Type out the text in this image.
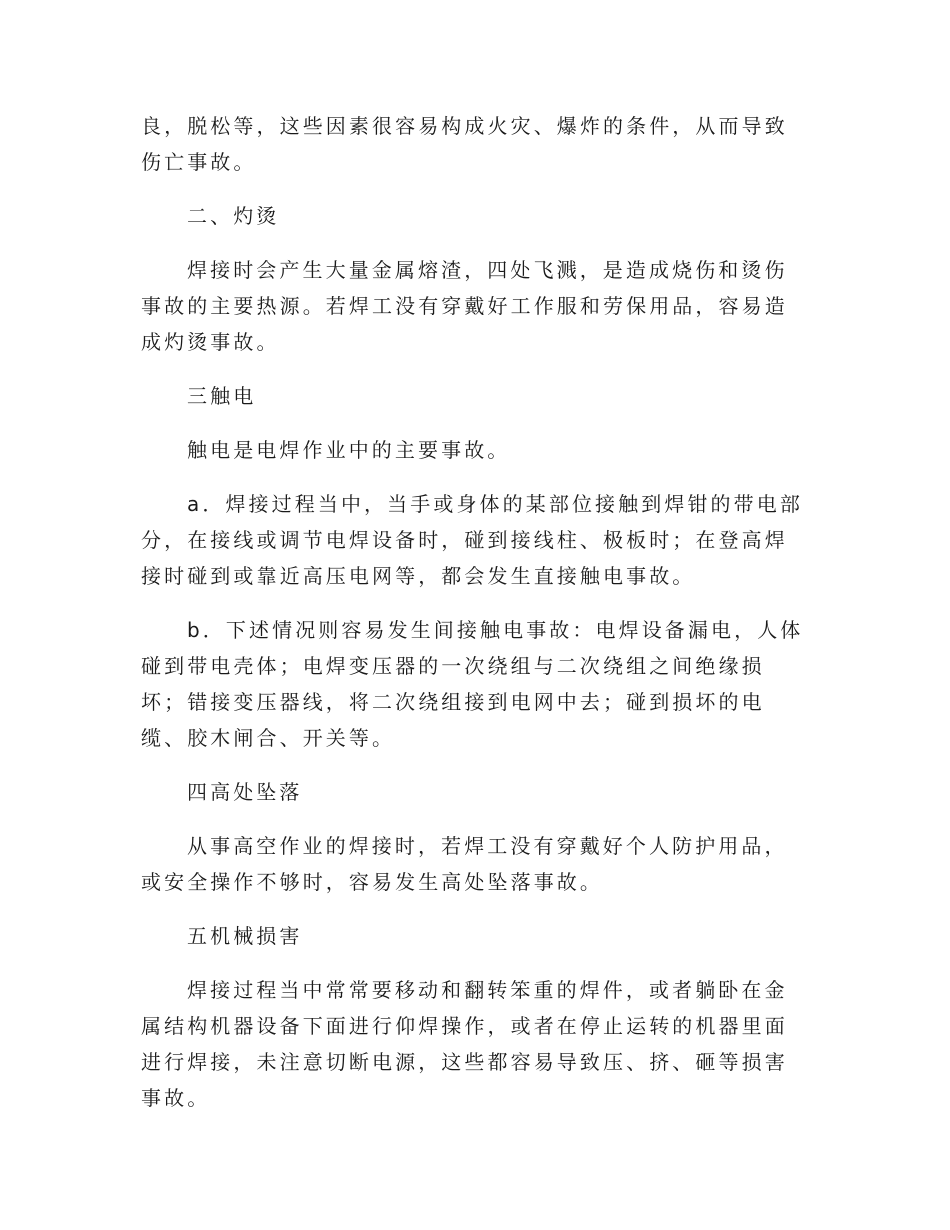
良，脱松等，这些因素很容易构成火灾、爆炸的条件，从而导致伤亡事故。

二、灼烫

焊接时会产生大量金属熔渣，四处飞溅，是造成烧伤和烫伤事故的主要热源。若焊工没有穿戴好工作服和劳保用品，容易造成灼烫事故。

三触电

触电是电焊作业中的主要事故。

a．焊接过程当中，当手或身体的某部位接触到焊钳的带电部分，在接线或调节电焊设备时，碰到接线柱、极板时；在登高焊接时碰到或靠近高压电网等，都会发生直接触电事故。

b．下述情况则容易发生间接触电事故：电焊设备漏电，人体碰到带电壳体；电焊变压器的一次绕组与二次绕组之间绝缘损坏；错接变压器线，将二次绕组接到电网中去；碰到损坏的电缆、胶木闸合、开关等。

四高处坠落

从事高空作业的焊接时，若焊工没有穿戴好个人防护用品，或安全操作不够时，容易发生高处坠落事故。

五机械损害

焊接过程当中常常要移动和翻转笨重的焊件，或者躺卧在金属结构机器设备下面进行仰焊操作，或者在停止运转的机器里面进行焊接，未注意切断电源，这些都容易导致压、挤、砸等损害事故。
